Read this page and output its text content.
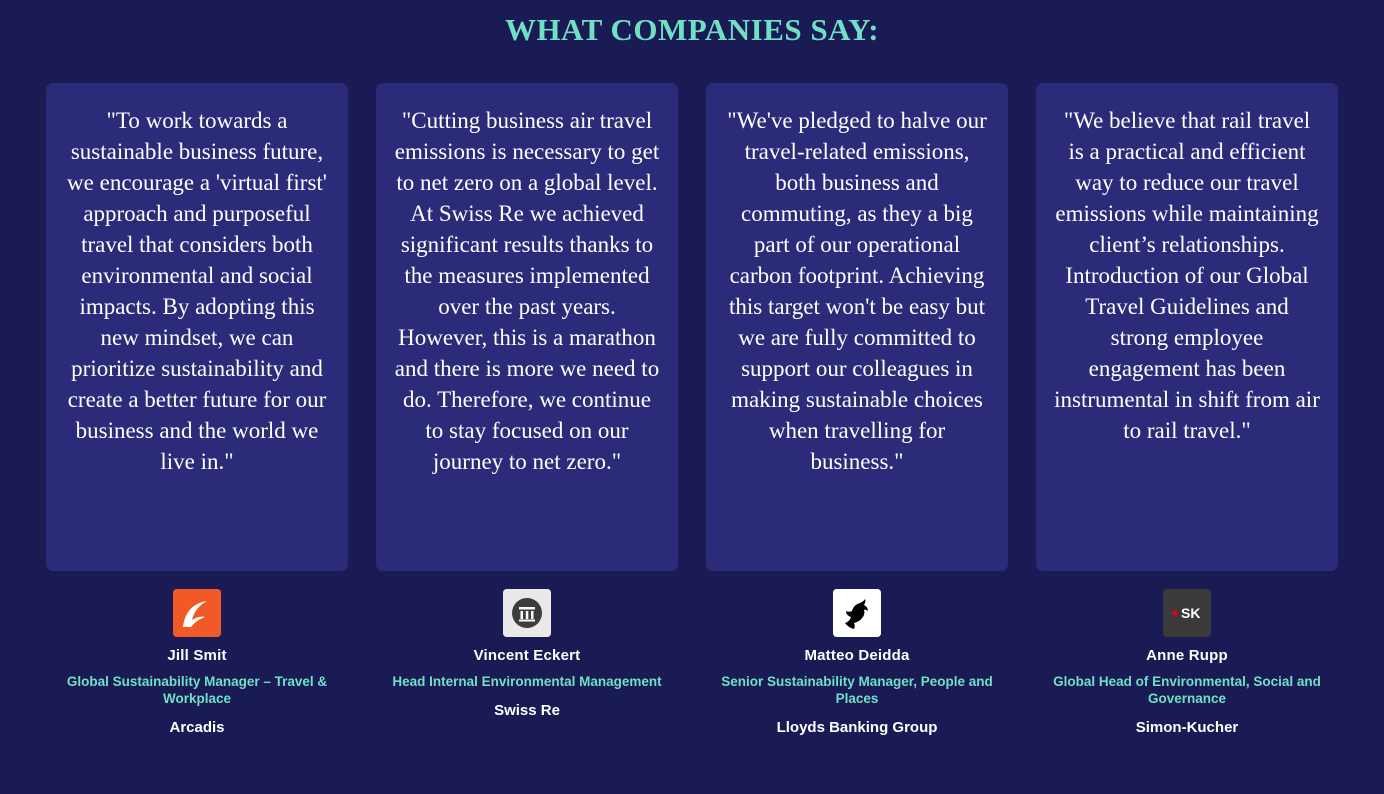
WHAT COMPANIES SAY:
"To work towards a sustainable business future, we encourage a 'virtual first' approach and purposeful travel that considers both environmental and social impacts. By adopting this new mindset, we can prioritize sustainability and create a better future for our business and the world we live in."
Jill Smit
Global Sustainability Manager – Travel & Workplace
Arcadis
"Cutting business air travel emissions is necessary to get to net zero on a global level. At Swiss Re we achieved significant results thanks to the measures implemented over the past years. However, this is a marathon and there is more we need to do. Therefore, we continue to stay focused on our journey to net zero."
Vincent Eckert
Head Internal Environmental Management
Swiss Re
"We've pledged to halve our travel-related emissions, both business and commuting, as they a big part of our operational carbon footprint. Achieving this target won't be easy but we are fully committed to support our colleagues in making sustainable choices when travelling for business."
Matteo Deidda
Senior Sustainability Manager, People and Places
Lloyds Banking Group
"We believe that rail travel is a practical and efficient way to reduce our travel emissions while maintaining client’s relationships. Introduction of our Global Travel Guidelines and strong employee engagement has been instrumental in shift from air to rail travel."
SK
Anne Rupp
Global Head of Environmental, Social and Governance
Simon-Kucher
